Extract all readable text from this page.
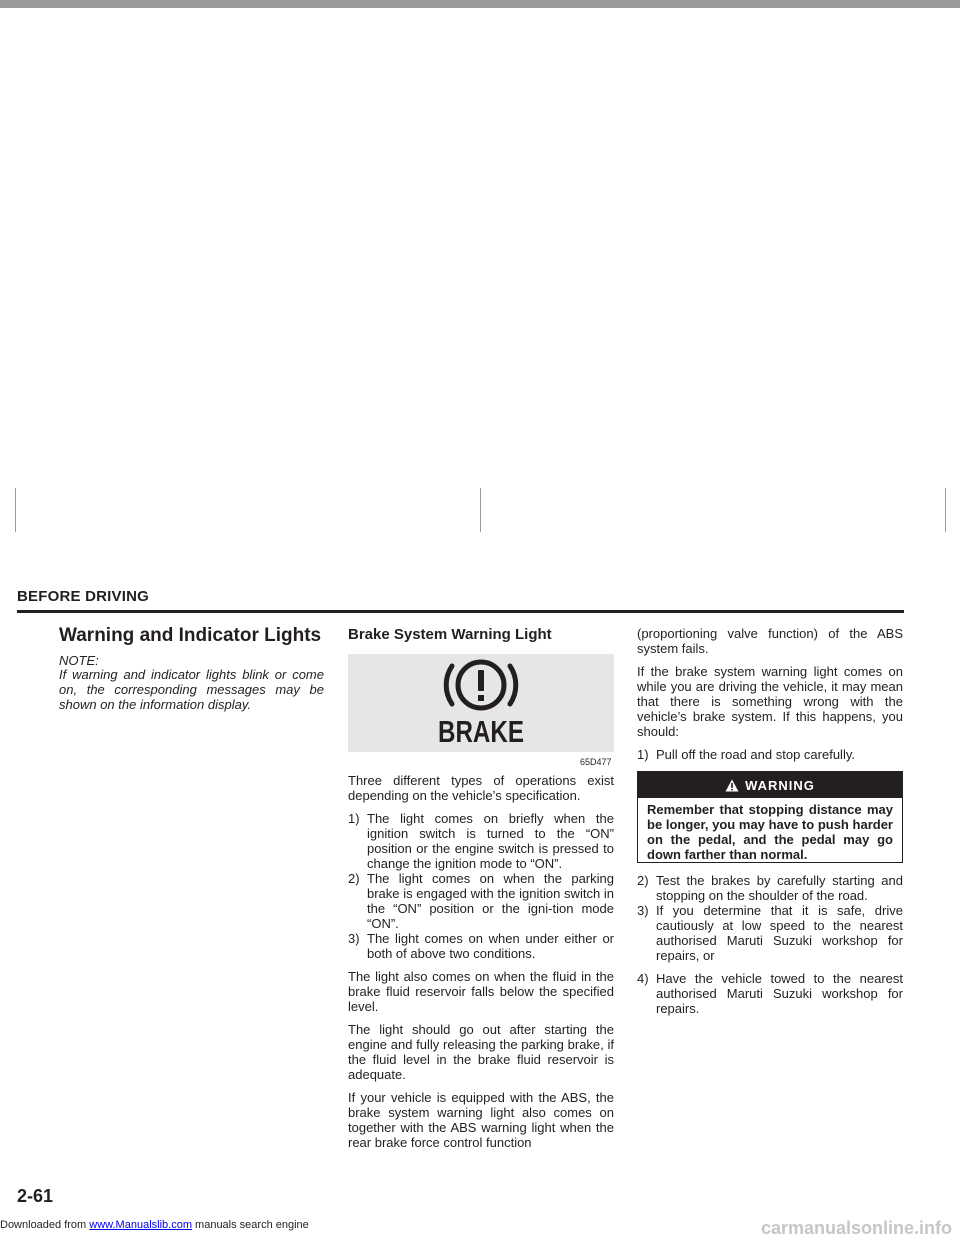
BEFORE DRIVING
Warning and Indicator Lights
NOTE:
If warning and indicator lights blink or come on, the corresponding messages may be shown on the information display.
Brake System Warning Light
BRAKE
65D477

Three different types of operations exist depending on the vehicle’s specification.

1) The light comes on briefly when the ignition switch is turned to the “ON” position or the engine switch is pressed to change the ignition mode to “ON”.
2) The light comes on when the parking brake is engaged with the ignition switch in the “ON” position or the igni-tion mode “ON”.
3) The light comes on when under either or both of above two conditions.

The light also comes on when the fluid in the brake fluid reservoir falls below the specified level.

The light should go out after starting the engine and fully releasing the parking brake, if the fluid level in the brake fluid reservoir is adequate.

If your vehicle is equipped with the ABS, the brake system warning light also comes on together with the ABS warning light when the rear brake force control function

(proportioning valve function) of the ABS system fails.

If the brake system warning light comes on while you are driving the vehicle, it may mean that there is something wrong with the vehicle’s brake system. If this happens, you should:

1) Pull off the road and stop carefully.
WARNING
Remember that stopping distance may be longer, you may have to push harder on the pedal, and the pedal may go down farther than normal.
2) Test the brakes by carefully starting and stopping on the shoulder of the road.
3) If you determine that it is safe, drive cautiously at low speed to the nearest authorised Maruti Suzuki workshop for repairs, or
4) Have the vehicle towed to the nearest authorised Maruti Suzuki workshop for repairs.
2-61
Downloaded from www.Manualslib.com manuals search engine	carmanualsonline.info
